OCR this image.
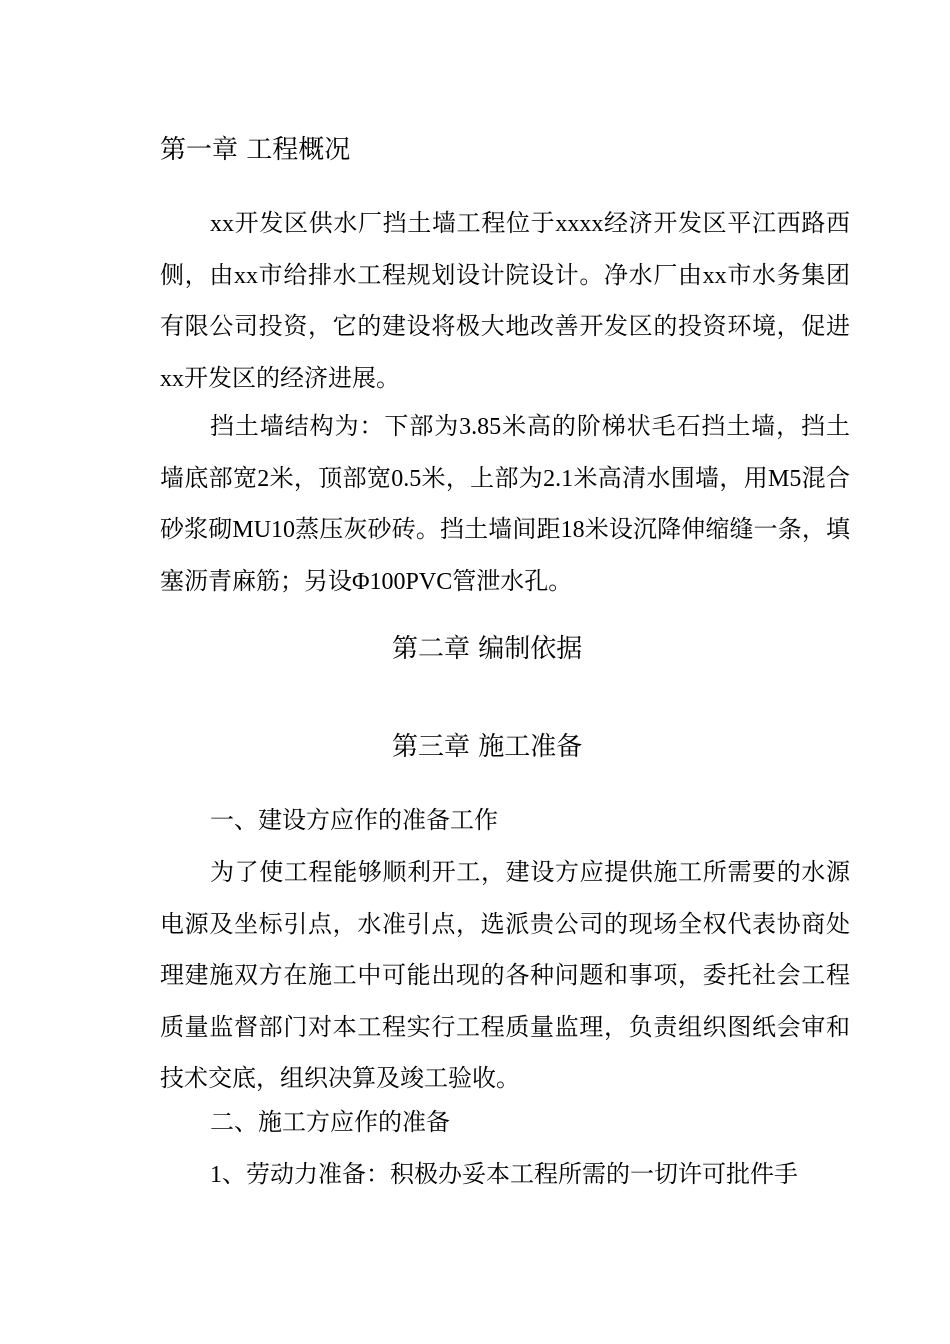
第一章 工程概况

xx开发区供水厂挡土墙工程位于xxxx经济开发区平江西路西侧，由xx市给排水工程规划设计院设计。净水厂由xx市水务集团有限公司投资，它的建设将极大地改善开发区的投资环境，促进xx开发区的经济进展。

挡土墙结构为：下部为3.85米高的阶梯状毛石挡土墙，挡土墙底部宽2米，顶部宽0.5米，上部为2.1米高清水围墙，用M5混合砂浆砌MU10蒸压灰砂砖。挡土墙间距18米设沉降伸缩缝一条，填塞沥青麻筋；另设Φ100PVC管泄水孔。

第二章 编制依据
第三章 施工准备

一、建设方应作的准备工作

为了使工程能够顺利开工，建设方应提供施工所需要的水源电源及坐标引点，水准引点，选派贵公司的现场全权代表协商处理建施双方在施工中可能出现的各种问题和事项，委托社会工程质量监督部门对本工程实行工程质量监理，负责组织图纸会审和技术交底，组织决算及竣工验收。

二、施工方应作的准备

1、劳动力准备：积极办妥本工程所需的一切许可批件手
